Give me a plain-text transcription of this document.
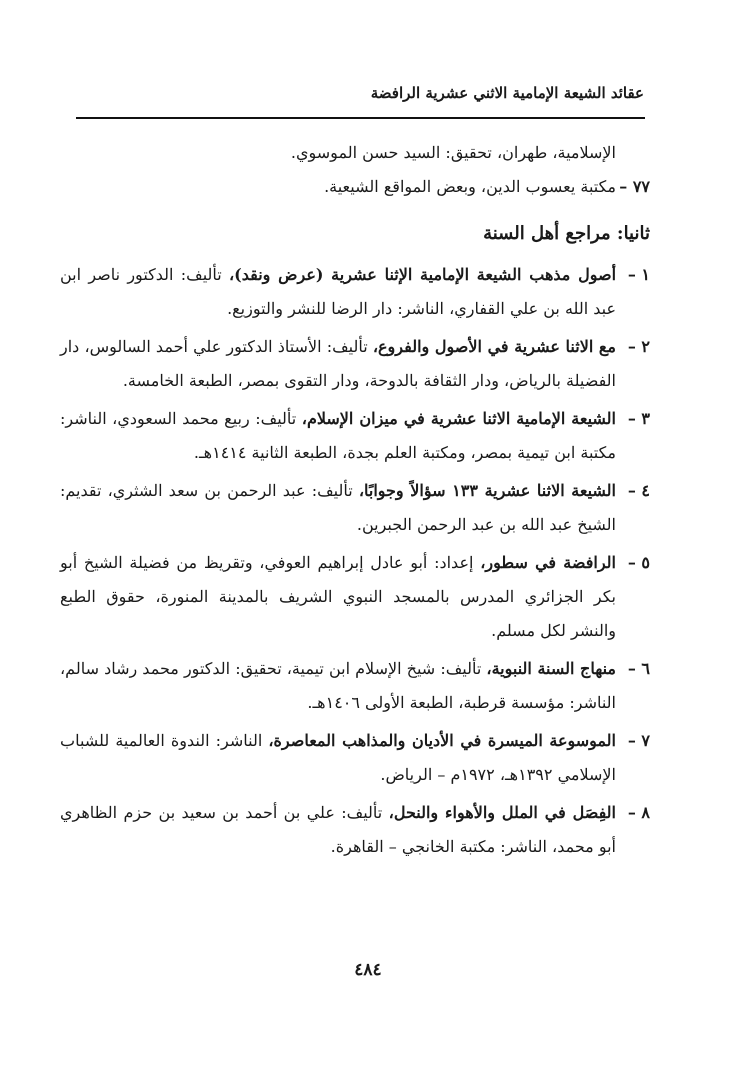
عقائد الشيعة الإمامية الاثني عشرية الرافضة

الإسلامية، طهران، تحقيق: السيد حسن الموسوي.

٧٧ –
مكتبة يعسوب الدين، وبعض المواقع الشيعية.

ثانيا: مراجع أهل السنة

١ –
أصول مذهب الشيعة الإمامية الإثنا عشرية (عرض ونقد)، تأليف: الدكتور ناصر ابن عبد الله بن علي القفاري، الناشر: دار الرضا للنشر والتوزيع.

٢ –
مع الاثنا عشرية في الأصول والفروع، تأليف: الأستاذ الدكتور علي أحمد السالوس، دار الفضيلة بالرياض، ودار الثقافة بالدوحة، ودار التقوى بمصر، الطبعة الخامسة.

٣ –
الشيعة الإمامية الاثنا عشرية في ميزان الإسلام، تأليف: ربيع محمد السعودي، الناشر: مكتبة ابن تيمية بمصر، ومكتبة العلم بجدة، الطبعة الثانية ١٤١٤هـ.

٤ –
الشيعة الاثنا عشرية ١٣٣ سؤالاً وجوابًا، تأليف: عبد الرحمن بن سعد الشثري، تقديم: الشيخ عبد الله بن عبد الرحمن الجبرين.

٥ –
الرافضة في سطور، إعداد: أبو عادل إبراهيم العوفي، وتقريظ من فضيلة الشيخ أبو بكر الجزائري المدرس بالمسجد النبوي الشريف بالمدينة المنورة، حقوق الطبع والنشر لكل مسلم.

٦ –
منهاج السنة النبوية، تأليف: شيخ الإسلام ابن تيمية، تحقيق: الدكتور محمد رشاد سالم، الناشر: مؤسسة قرطبة، الطبعة الأولى ١٤٠٦هـ.

٧ –
الموسوعة الميسرة في الأديان والمذاهب المعاصرة، الناشر: الندوة العالمية للشباب الإسلامي ١٣٩٢هـ، ١٩٧٢م – الرياض.

٨ –
الفِصَل في الملل والأهواء والنحل، تأليف: علي بن أحمد بن سعيد بن حزم الظاهري أبو محمد، الناشر: مكتبة الخانجي – القاهرة.

٤٨٤
